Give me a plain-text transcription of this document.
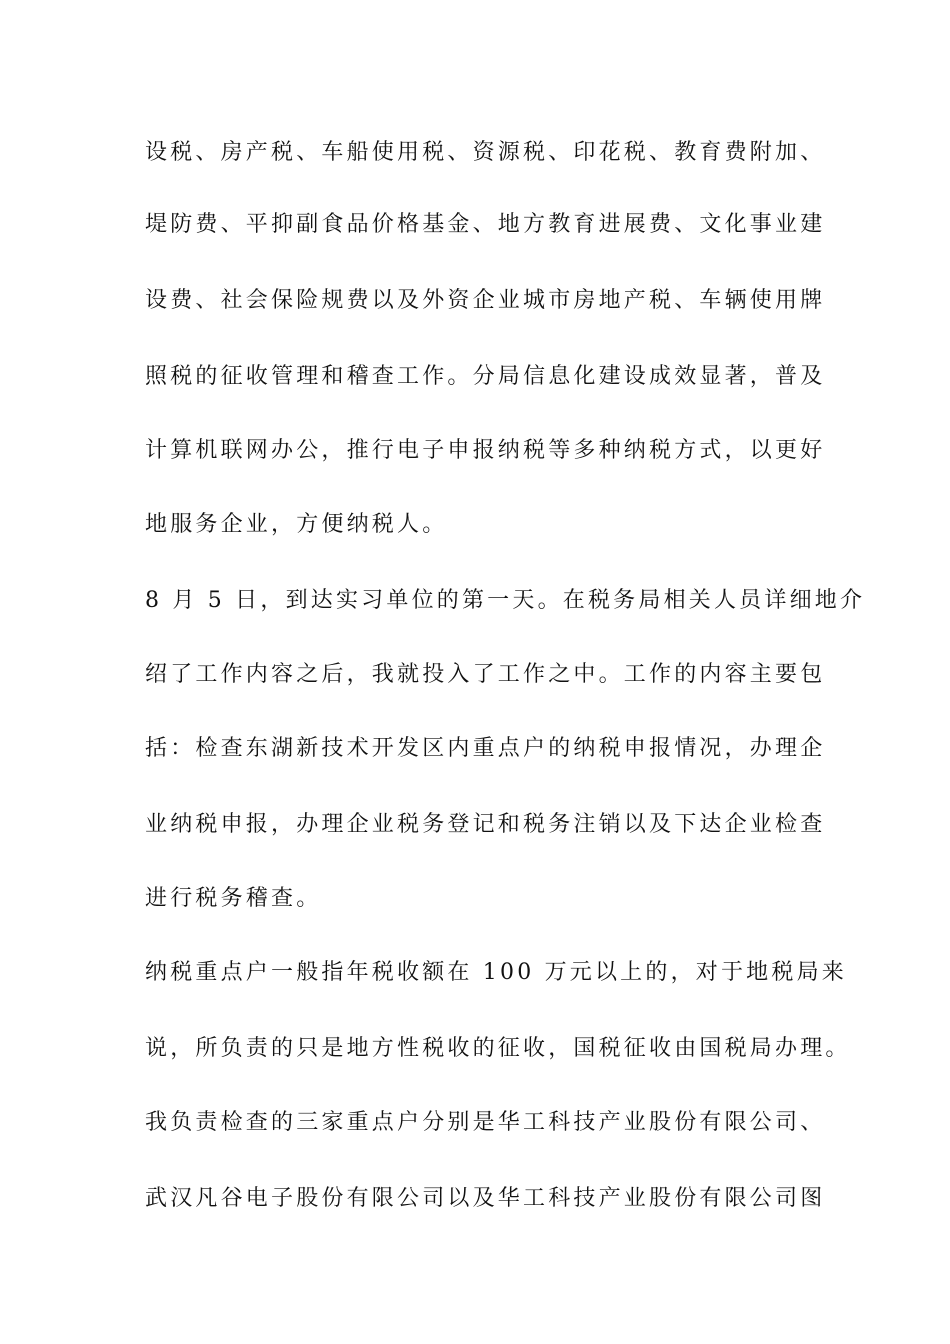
设税、房产税、车船使用税、资源税、印花税、教育费附加、
堤防费、平抑副食品价格基金、地方教育进展费、文化事业建
设费、社会保险规费以及外资企业城市房地产税、车辆使用牌
照税的征收管理和稽查工作。分局信息化建设成效显著，普及
计算机联网办公，推行电子申报纳税等多种纳税方式，以更好
地服务企业，方便纳税人。
8 月 5 日，到达实习单位的第一天。在税务局相关人员详细地介
绍了工作内容之后，我就投入了工作之中。工作的内容主要包
括：检查东湖新技术开发区内重点户的纳税申报情况，办理企
业纳税申报，办理企业税务登记和税务注销以及下达企业检查
进行税务稽查。
纳税重点户一般指年税收额在 100 万元以上的，对于地税局来
说，所负责的只是地方性税收的征收，国税征收由国税局办理。
我负责检查的三家重点户分别是华工科技产业股份有限公司、
武汉凡谷电子股份有限公司以及华工科技产业股份有限公司图
